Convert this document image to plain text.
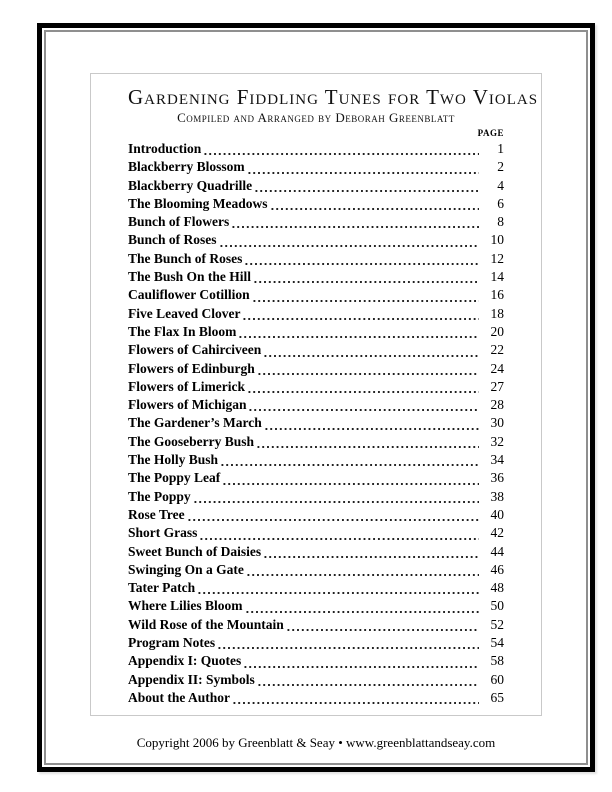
Gardening Fiddling Tunes for Two Violas
Compiled and Arranged by Deborah Greenblatt
PAGE
Introduction	1
Blackberry Blossom	2
Blackberry Quadrille	4
The Blooming Meadows	6
Bunch of Flowers	8
Bunch of Roses	10
The Bunch of Roses	12
The Bush On the Hill	14
Cauliflower Cotillion	16
Five Leaved Clover	18
The Flax In Bloom	20
Flowers of Cahirciveen	22
Flowers of Edinburgh	24
Flowers of Limerick	27
Flowers of Michigan	28
The Gardener’s March	30
The Gooseberry Bush	32
The Holly Bush	34
The Poppy Leaf	36
The Poppy	38
Rose Tree	40
Short Grass	42
Sweet Bunch of Daisies	44
Swinging On a Gate	46
Tater Patch	48
Where Lilies Bloom	50
Wild Rose of the Mountain	52
Program Notes	54
Appendix I: Quotes	58
Appendix II: Symbols	60
About the Author	65
Copyright 2006 by Greenblatt & Seay • www.greenblattandseay.com
